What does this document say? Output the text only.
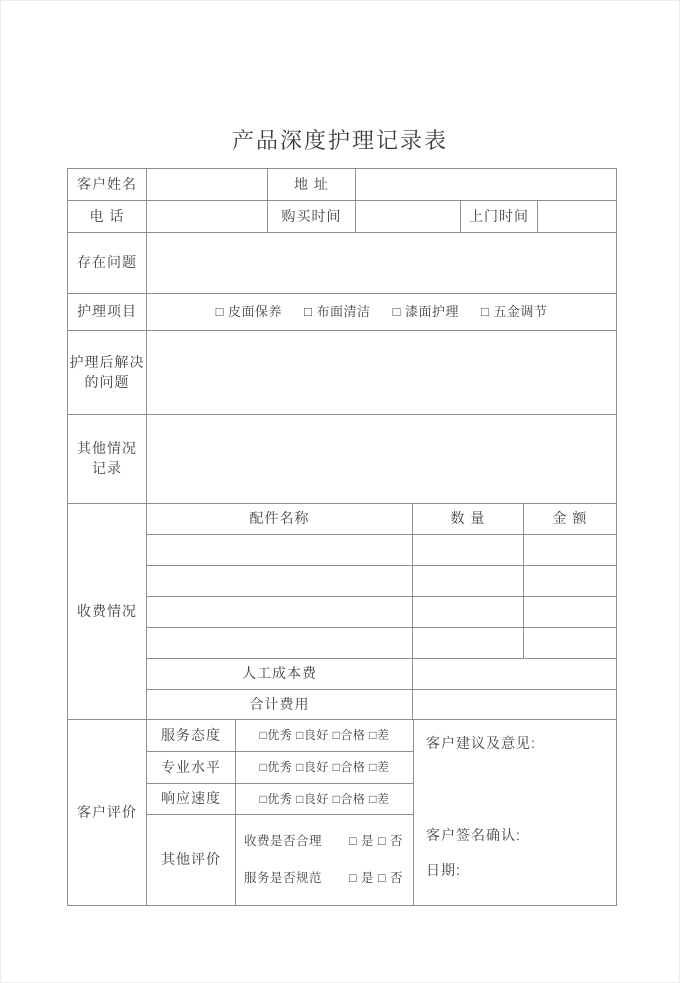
产品深度护理记录表
客户姓名	地 址
电 话	购买时间	上门时间
存在问题
护理项目	□ 皮面保养 □ 布面清洁 □ 漆面护理 □ 五金调节
护理后解决
的问题
其他情况
记录
收费情况
配件名称	数 量	金 额
人工成本费
合计费用
客户评价
服务态度	□优秀 □良好 □合格 □差
专业水平	□优秀 □良好 □合格 □差
响应速度	□优秀 □良好 □合格 □差
其他评价
收费是否合理 □ 是 □ 否
服务是否规范 □ 是 □ 否
客户建议及意见:
客户签名确认:
日期:
